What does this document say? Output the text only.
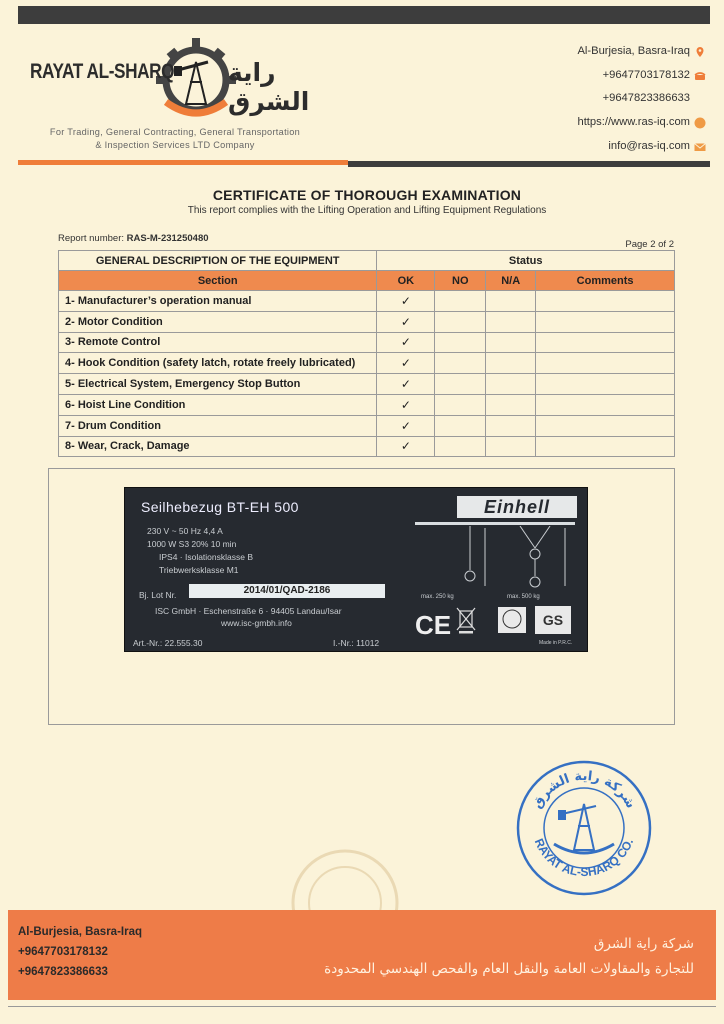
RAYAT AL-SHARQ راية الشرق
For Trading, General Contracting, General Transportation
& Inspection Services LTD Company
Al-Burjesia, Basra-Iraq
+9647703178132
+9647823386633
https://www.ras-iq.com
info@ras-iq.com
CERTIFICATE OF THOROUGH EXAMINATION
This report complies with the Lifting Operation and Lifting Equipment Regulations
Report number: RAS-M-231250480
Page 2 of 2
GENERAL DESCRIPTION OF THE EQUIPMENT	Status			
Section	OK	NO	N/A	Comments
1- Manufacturer’s operation manual	✓			
2- Motor Condition	✓			
3- Remote Control	✓			
4- Hook Condition (safety latch, rotate freely lubricated)	✓			
5- Electrical System, Emergency Stop Button	✓			
6- Hoist Line Condition	✓			
7- Drum Condition	✓			
8- Wear, Crack, Damage	✓			
Seilhebezug BT-EH 500	Einhell
230 V ~ 50 Hz 4,4 A
1000 W S3 20% 10 min
IPS4 · Isolationsklasse B
Triebwerksklasse M1
Bj. Lot Nr.	2014/01/QAD-2186
ISC GmbH · Eschenstraße 6 · 94405 Landau/Isar
www.isc-gmbh.info
Art.-Nr.: 22.555.30	I.-Nr.: 11012
max. 250 kg	max. 500 kg
CE	GS
Made in P.R.C.
شركة راية الشرق
RAYAT AL-SHARQ CO.
Al-Burjesia, Basra-Iraq
+9647703178132
+9647823386633
شركة راية الشرق
للتجارة والمقاولات العامة والنقل العام والفحص الهندسي المحدودة
